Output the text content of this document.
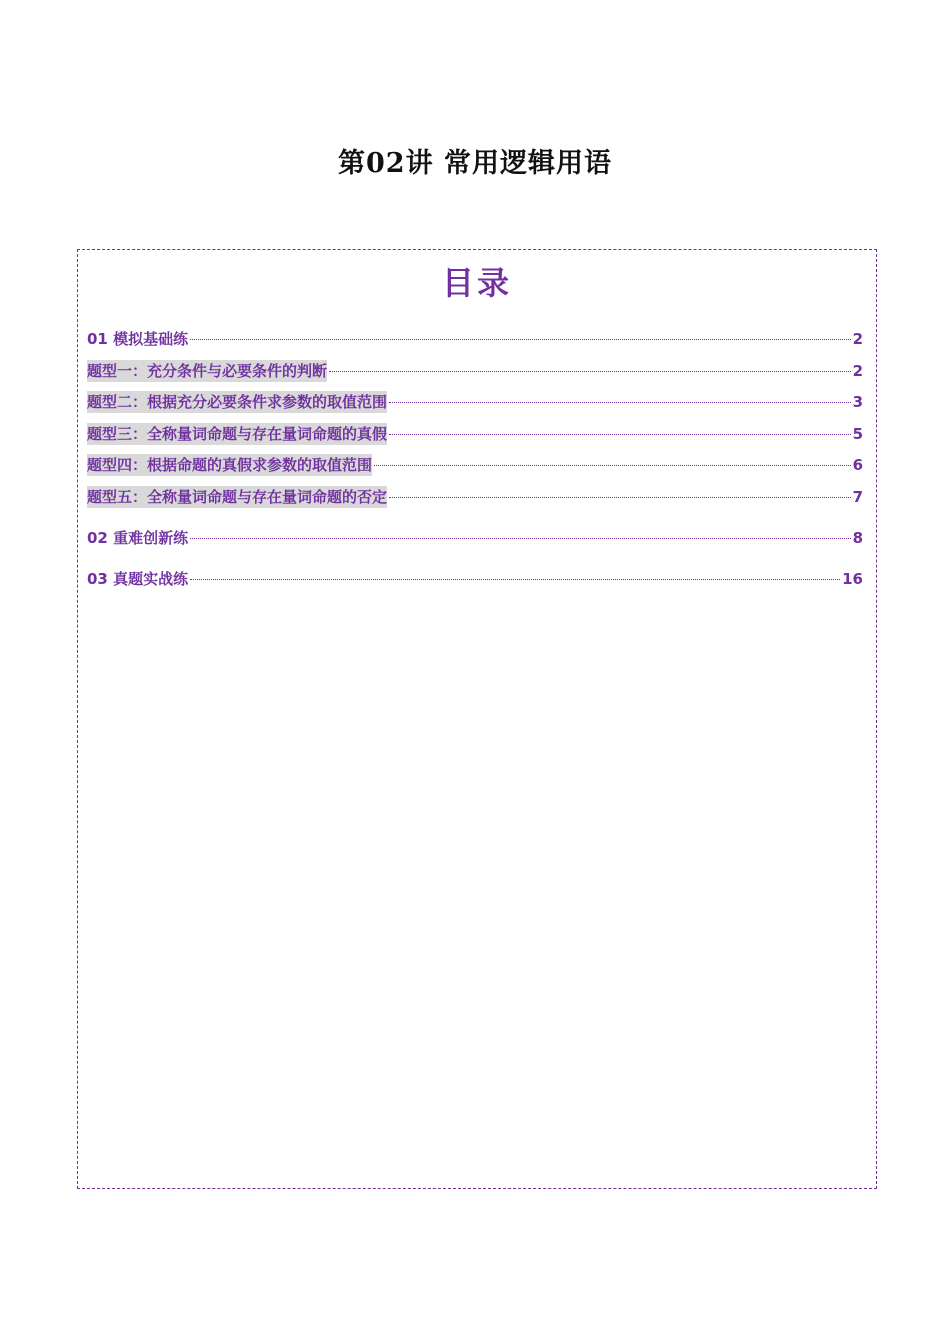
第02讲 常用逻辑用语
目录
01 模拟基础练	2
题型一：充分条件与必要条件的判断	2
题型二：根据充分必要条件求参数的取值范围	3
题型三：全称量词命题与存在量词命题的真假	5
题型四：根据命题的真假求参数的取值范围	6
题型五：全称量词命题与存在量词命题的否定	7
02 重难创新练	8
03 真题实战练	16
